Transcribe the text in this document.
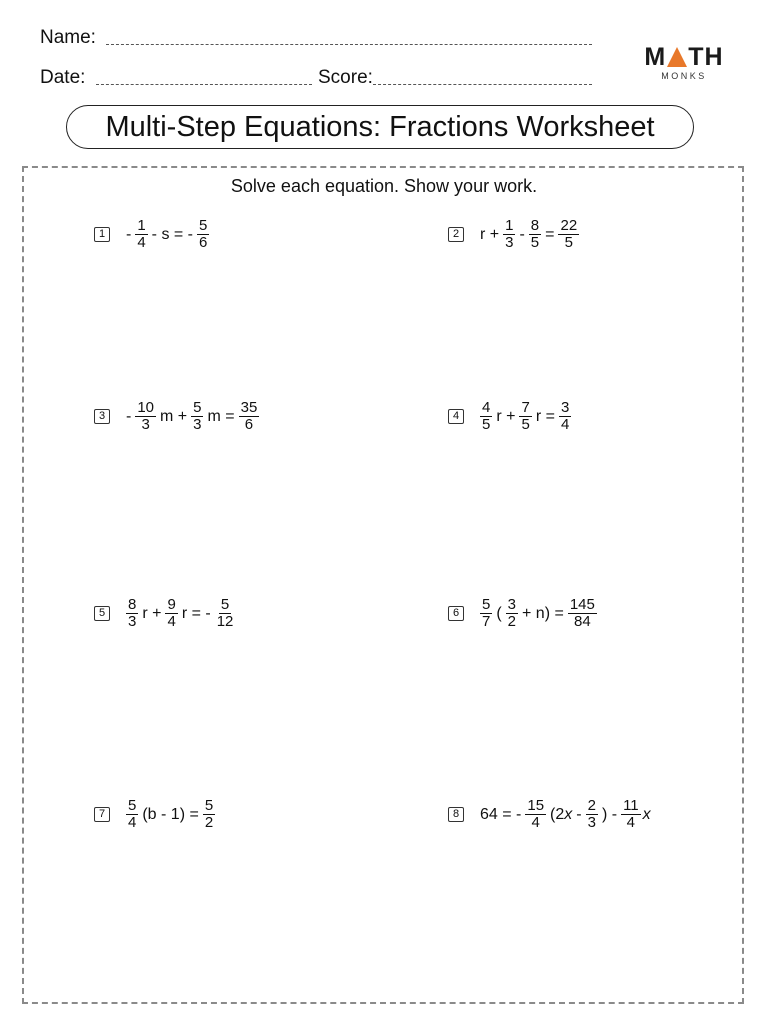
Name:
Date:	Score:
M TH
MONKS
Multi-Step Equations: Fractions Worksheet
Solve each equation. Show your work.
1	- $\frac{1}{4}$ - s = - $\frac{5}{6}$	2	$r + \frac{1}{3} - \frac{8}{5} = \frac{22}{5}$
3	- $\frac{10}{3}$ $m + \frac{5}{3}$ $m = \frac{35}{6}$	4	$\frac{4}{5}$ $r + \frac{7}{5}$ $r = \frac{3}{4}$
5	$\frac{8}{3}$ $r + \frac{9}{4}$ r = - $\frac{5}{12}$	6	$\frac{5}{7}$ ( $\frac{3}{2} + n) = \frac{145}{84}$
7	$\frac{5}{4} (b - 1) = \frac{5}{2}$	8	64 = - $\frac{15}{4} (2$ x - $\frac{2}{3}$ ) - $\frac{11}{4}$ x
